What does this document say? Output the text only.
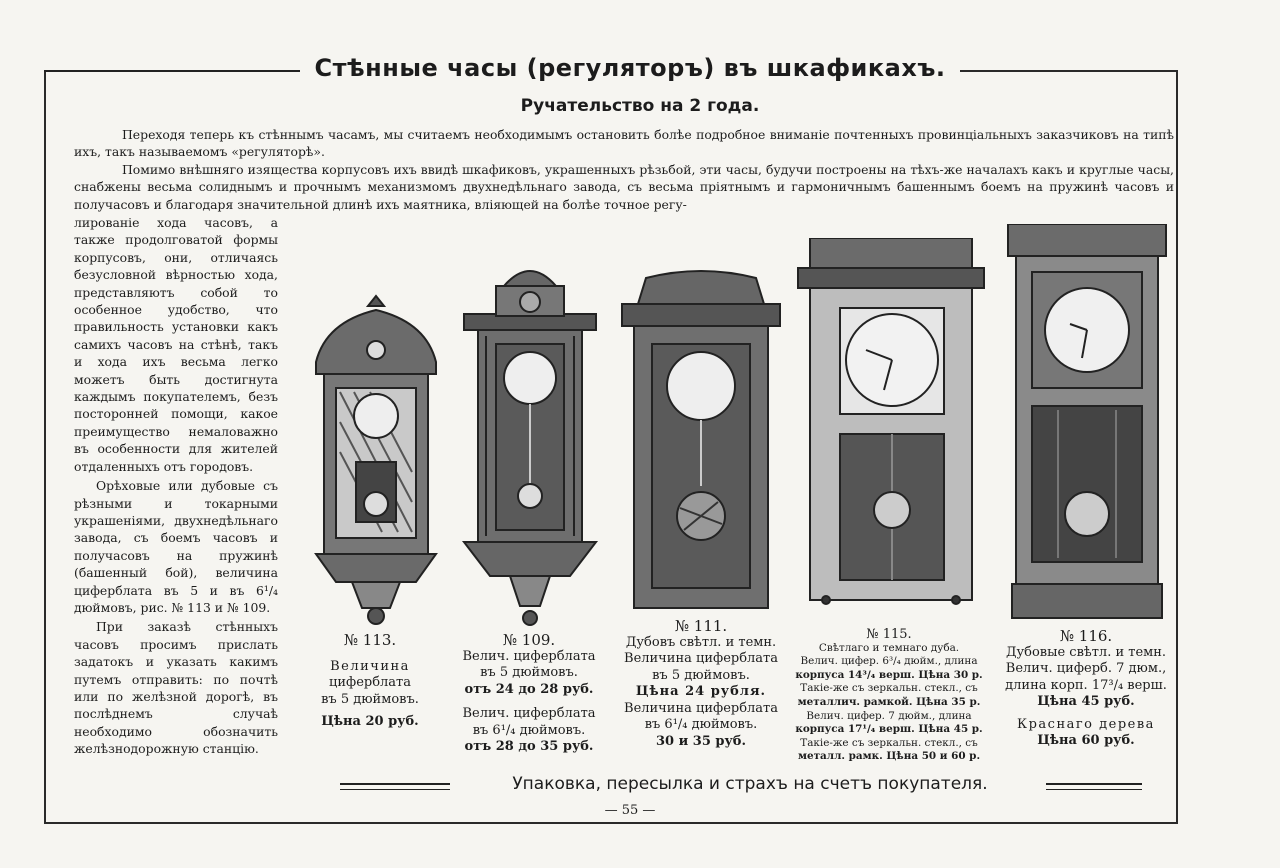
Стѣнные часы (регуляторъ) въ шкафикахъ.
Ручательство на 2 года.

Переходя теперь къ стѣннымъ часамъ, мы считаемъ необходимымъ остановить болѣе подробное вниманіе почтенныхъ провинціальныхъ заказчиковъ на типѣ ихъ, такъ называемомъ «регуляторѣ».

Помимо внѣшняго изящества корпусовъ ихъ ввидѣ шкафиковъ, украшенныхъ рѣзьбой, эти часы, будучи построены на тѣхъ-же началахъ какъ и круглые часы, снабжены весьма солиднымъ и прочнымъ механизмомъ двухнедѣльнаго завода, съ весьма пріятнымъ и гармоничнымъ башеннымъ боемъ на пружинѣ часовъ и получасовъ и благодаря значительной длинѣ ихъ маятника, вліяющей на болѣе точное регу-

лированіе хода часовъ, а также продолговатой формы корпусовъ, они, отличаясь безусловной вѣрностью хода, представляютъ собой то особенное удобство, что правильность установки какъ самихъ часовъ на стѣнѣ, такъ и хода ихъ весьма легко можетъ быть достигнута каждымъ покупателемъ, безъ посторонней помощи, какое преимущество немаловажно въ особенности для жителей отдаленныхъ отъ городовъ.

Орѣховые или дубовые съ рѣзными и токарными украшеніями, двухнедѣльнаго завода, съ боемъ часовъ и получасовъ на пружинѣ (башенный бой), величина циферблата въ 5 и въ 6¹/₄ дюймовъ, рис. № 113 и № 109.

При заказѣ стѣнныхъ часовъ просимъ прислать задатокъ и указать какимъ путемъ отправить: по почтѣ или по желѣзной дорогѣ, въ послѣднемъ случаѣ необходимо обозначить желѣзнодорожную станцію.

№ 113.
Величина
циферблата
въ 5 дюймовъ.
Цѣна 20 руб.
№ 109.
Велич. циферблата
въ 5 дюймовъ.
отъ 24 до 28 руб.
Велич. циферблата
въ 6¹/₄ дюймовъ.
отъ 28 до 35 руб.
№ 111.
Дубовъ свѣтл. и темн.
Величина циферблата
въ 5 дюймовъ.
Цѣна 24 рубля.
Величина циферблата
въ 6¹/₄ дюймовъ.
30 и 35 руб.
№ 115.
Свѣтлаго и темнаго дуба.
Велич. цифер. 6³/₄ дюйм., длина
корпуса 14³/₄ верш. Цѣна 30 р.
Такіе-же съ зеркальн. стекл., съ
металлич. рамкой. Цѣна 35 р.
Велич. цифер. 7 дюйм., длина
корпуса 17¹/₄ верш. Цѣна 45 р.
Такіе-же съ зеркальн. стекл., съ
металл. рамк. Цѣна 50 и 60 р.
№ 116.
Дубовые свѣтл. и темн.
Велич. циферб. 7 дюм.,
длина корп. 17³/₄ верш.
Цѣна 45 руб.
Краснаго дерева
Цѣна 60 руб.
Упаковка, пересылка и страхъ на счетъ покупателя.
— 55 —
